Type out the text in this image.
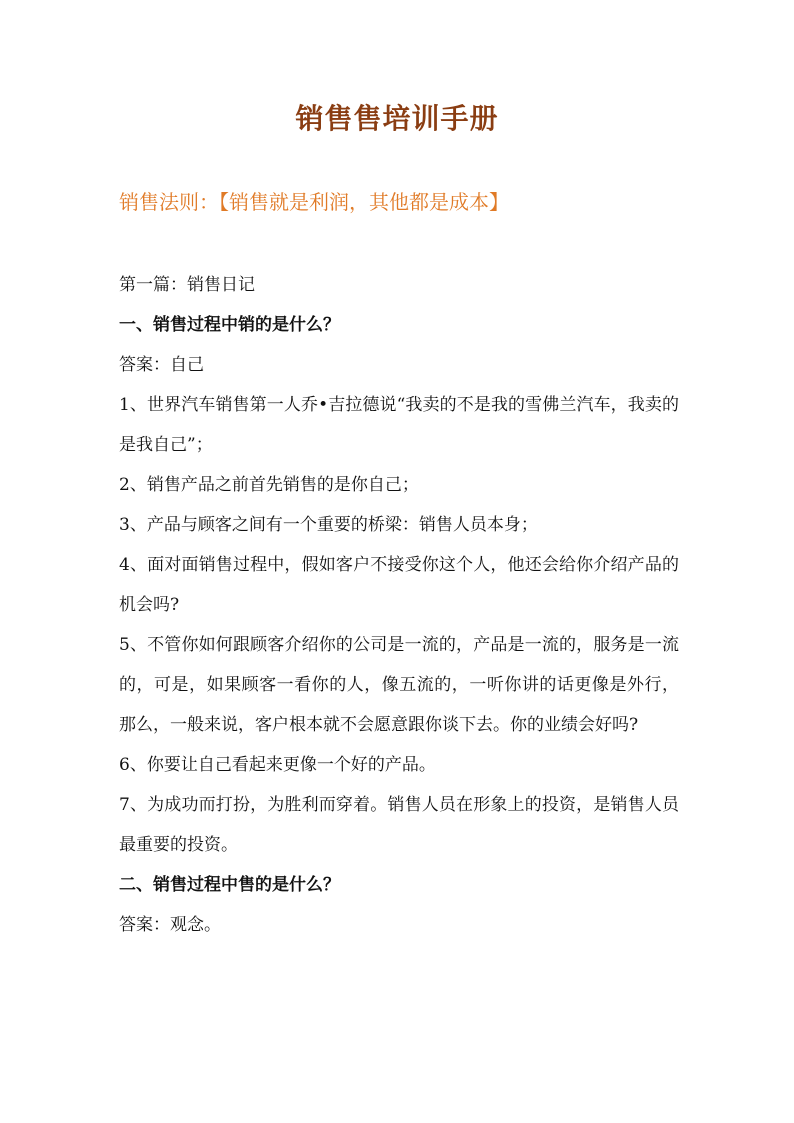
销售售培训手册
销售法则：【销售就是利润，其他都是成本】

第一篇：销售日记

一、销售过程中销的是什么？

答案：自己

1、世界汽车销售第一人乔•吉拉德说“我卖的不是我的雪佛兰汽车，我卖的是我自己”；

2、销售产品之前首先销售的是你自己；

3、产品与顾客之间有一个重要的桥梁：销售人员本身；

4、面对面销售过程中，假如客户不接受你这个人，他还会给你介绍产品的机会吗?

5、不管你如何跟顾客介绍你的公司是一流的，产品是一流的，服务是一流的，可是，如果顾客一看你的人，像五流的，一听你讲的话更像是外行，那么，一般来说，客户根本就不会愿意跟你谈下去。你的业绩会好吗?

6、你要让自己看起来更像一个好的产品。

7、为成功而打扮，为胜利而穿着。销售人员在形象上的投资，是销售人员最重要的投资。

二、销售过程中售的是什么？

答案：观念。
